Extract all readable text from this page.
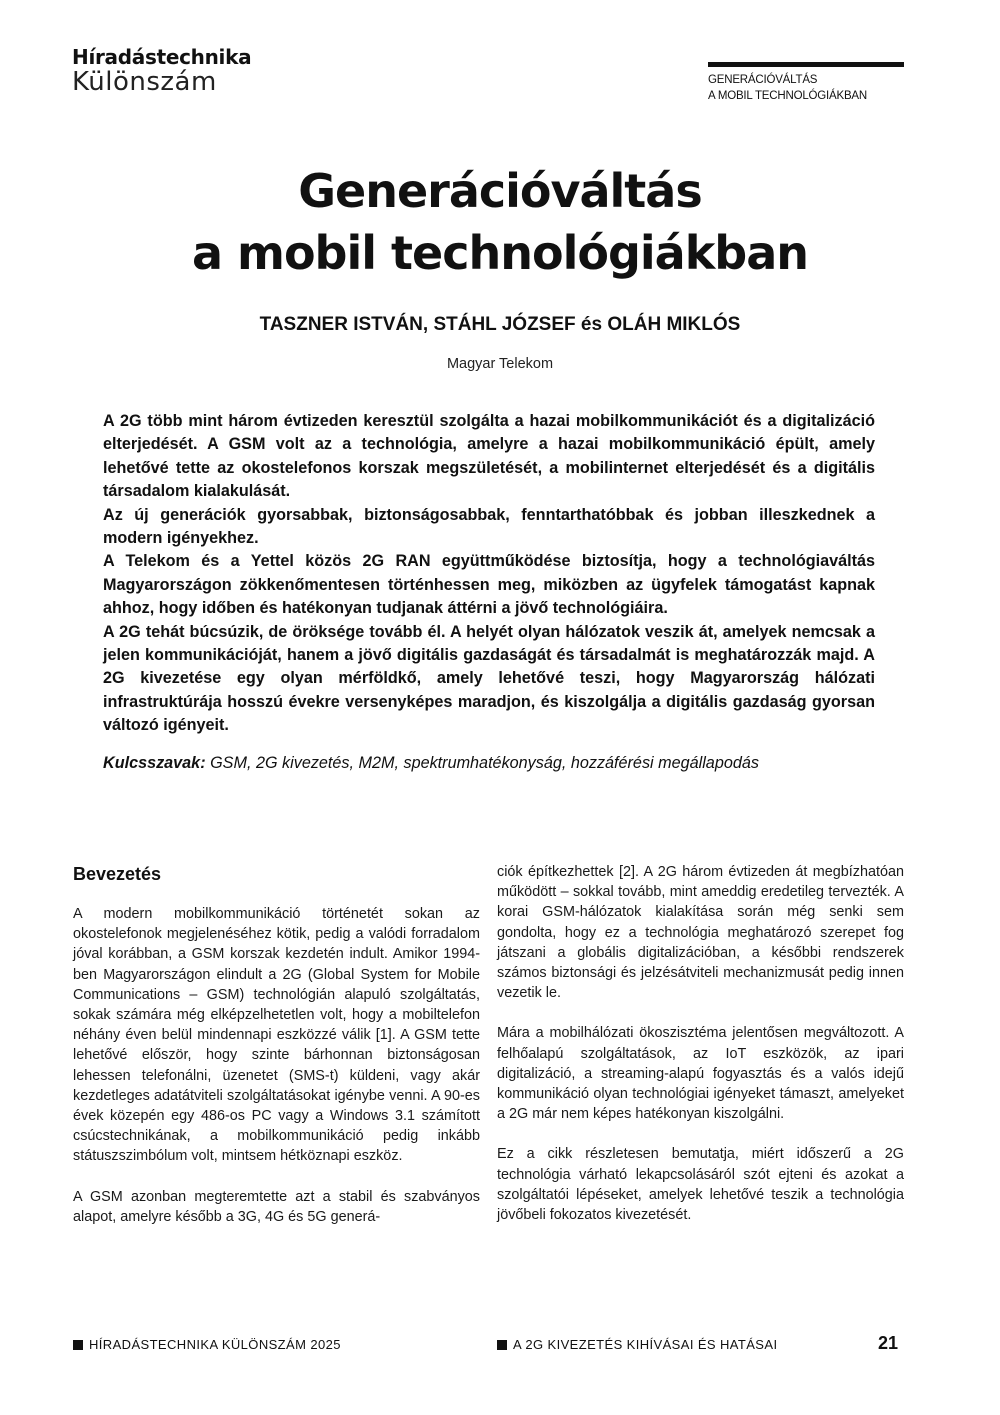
Híradástechnika
Különszám	GENERÁCIÓVÁLTÁS
A MOBIL TECHNOLÓGIÁKBAN
Generációváltás
a mobil technológiákban
TASZNER ISTVÁN, STÁHL JÓZSEF és OLÁH MIKLÓS
Magyar Telekom

A 2G több mint három évtizeden keresztül szolgálta a hazai mobilkommunikációt és a digitalizáció elterjedését. A GSM volt az a technológia, amelyre a hazai mobilkommunikáció épült, amely lehetővé tette az okostelefonos korszak megszületését, a mobilinternet elterjedését és a digitális társadalom kialakulását.

Az új generációk gyorsabbak, biztonságosabbak, fenntarthatóbbak és jobban illeszkednek a modern igényekhez.

A Telekom és a Yettel közös 2G RAN együttműködése biztosítja, hogy a technológiaváltás Magyarországon zökkenőmentesen történhessen meg, miközben az ügyfelek támogatást kapnak ahhoz, hogy időben és hatékonyan tudjanak áttérni a jövő technológiáira.

A 2G tehát búcsúzik, de öröksége tovább él. A helyét olyan hálózatok veszik át, amelyek nemcsak a jelen kommunikációját, hanem a jövő digitális gazdaságát és társadalmát is meghatározzák majd. A 2G kivezetése egy olyan mérföldkő, amely lehetővé teszi, hogy Magyarország hálózati infrastruktúrája hosszú évekre versenyképes maradjon, és kiszolgálja a digitális gazdaság gyorsan változó igényeit.

Kulcsszavak: GSM, 2G kivezetés, M2M, spektrumhatékonyság, hozzáférési megállapodás
Bevezetés

A modern mobilkommunikáció történetét sokan az okostelefonok megjelenéséhez kötik, pedig a valódi forradalom jóval korábban, a GSM korszak kezdetén indult. Amikor 1994-ben Magyarországon elindult a 2G (Global System for Mobile Communications – GSM) technológián alapuló szolgáltatás, sokak számára még elképzelhetetlen volt, hogy a mobiltelefon néhány éven belül mindennapi eszközzé válik [1]. A GSM tette lehetővé először, hogy szinte bárhonnan biztonságosan lehessen telefonálni, üzenetet (SMS-t) küldeni, vagy akár kezdetleges adatátviteli szolgáltatásokat igénybe venni. A 90-es évek közepén egy 486-os PC vagy a Windows 3.1 számított csúcstechnikának, a mobilkommunikáció pedig inkább státuszszimbólum volt, mintsem hétköznapi eszköz.

A GSM azonban megteremtette azt a stabil és szabványos alapot, amelyre később a 3G, 4G és 5G generá-

ciók építkezhettek [2]. A 2G három évtizeden át megbízhatóan működött – sokkal tovább, mint ameddig eredetileg tervezték. A korai GSM-hálózatok kialakítása során még senki sem gondolta, hogy ez a technológia meghatározó szerepet fog játszani a globális digitalizációban, a későbbi rendszerek számos biztonsági és jelzésátviteli mechanizmusát pedig innen vezetik le.

Mára a mobilhálózati ökoszisztéma jelentősen megváltozott. A felhőalapú szolgáltatások, az IoT eszközök, az ipari digitalizáció, a streaming-alapú fogyasztás és a valós idejű kommunikáció olyan technológiai igényeket támaszt, amelyeket a 2G már nem képes hatékonyan kiszolgálni.

Ez a cikk részletesen bemutatja, miért időszerű a 2G technológia várható lekapcsolásáról szót ejteni és azokat a szolgáltatói lépéseket, amelyek lehetővé teszik a technológia jövőbeli fokozatos kivezetését.

HÍRADÁSTECHNIKA KÜLÖNSZÁM 2025	A 2G KIVEZETÉS KIHÍVÁSAI ÉS HATÁSAI	21
